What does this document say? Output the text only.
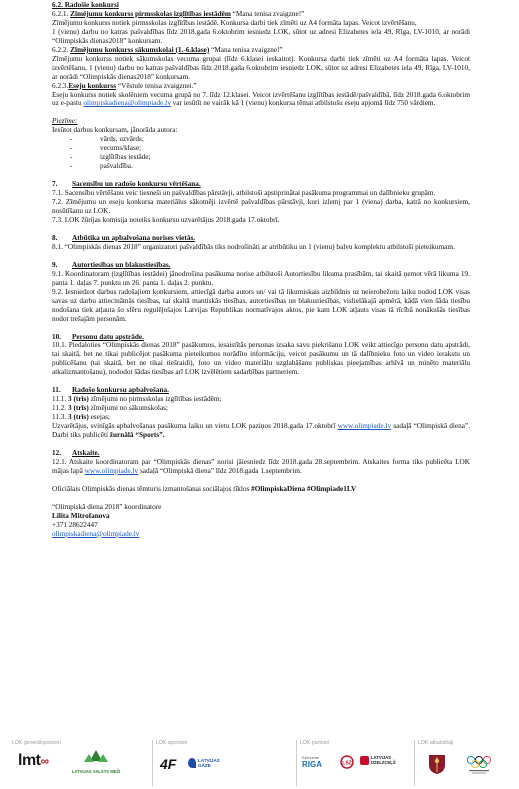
6.2. Radošie konkursi

6.2.1. Zīmējumu konkurss pirmsskolas izglītības iestādēm “Mana tenisa zvaigzne!”

Zīmējumu konkurss notiek pirmsskolas izglītības iestādē. Konkursa darbi tiek zīmēti uz A4 formāta lapas. Veicot izvērtēšanu,

1 (vienu) darbu no katras pašvaldības līdz 2018.gada 6.oktobrim iesniedz LOK, sūtot uz adresi Elizabetes iela 49, Rīga, LV-1010, ar norādi “Olimpiskās dienas2018” konkursam.

6.2.2. Zīmējumu konkurss sākumskolai (1.-6.klase) “Mana tenisa zvaigzne!”

Zīmējumu konkurss notiek sākumskolas vecuma grupai (līdz 6.klasei ieskaitot). Konkursa darbi tiek zīmēti uz A4 formāta lapas. Veicot izvērtēšanu, 1 (vienu) darbu no katras pašvaldības līdz 2018.gada 6.oktobrim iesniedz LOK, sūtot uz adresi Elizabetes iela 49, Rīga, LV-1010, ar norādi “Olimpiskās dienas2018” konkursam.

6.2.3.Eseju konkurss “Vēstule tenisa zvaigznei.”

Eseju konkurss notiek skolēniem vecuma grupā no 7. līdz 12.klasei. Veicot izvērtēšanu izglītības iestādē/pašvaldībā, līdz 2018.gada 6.oktobrim uz e-pastu olimpiskadiena@olimpiade.lv var iesūtīt ne vairāk kā 1 (vienu) konkursa tēmai atbilstošu eseju apjomā līdz 750 vārdiem.

Piezīme:

Iesūtot darbus konkursam, jānorāda autora:

- vārds, uzvārds;
- vecums/klase;
- izglītības iestāde;
- pašvaldība.

7. Sacensību un radošo konkursu vērtēšana.

7.1. Sacensību vērtēšanu veic tiesneši un pašvaldības pārstāvji, atbilstoši apstiprinātai pasākuma programmai un dalībnieku grupām.

7.2. Zīmējumu un eseju konkursa materiālus sākotnēji izvērtē pašvaldības pārstāvji, kuri izlemj par 1 (viena) darba, katrā no konkursiem, nosūtīšanu uz LOK.

7.3. LOK žūrijas komisija noteiks konkursu uzvarētājus 2018.gada 17.oktobrī.

8. Atbūtika un apbalvošana norises vietās.

8.1. “Olimpiskās dienas 2018” organizatori pašvaldībās tiks nodrošināti ar atribūtiku un 1 (vienu) balvu komplektu atbilstoši pieteikumam.

9. Autortiesības un blakustiesības.

9.1. Koordinatoram (izglītības iestādei) jānodrošina pasākuma norise atbilstoši Autortiesību likuma prasībām, tai skaitā ņemot vērā likuma 19. panta 1. daļas 7. punktu un 26. panta 1. daļas 2. punktu.

9.2. Iesniedzot darbus radošajiem konkursiem, attiecīgā darba autors un/ vai tā likumiskais aizbildnis uz neierobežotu laiku nodod LOK visas savas uz darbu attiecināmās tiesības, tai skaitā mantiskās tiesības, autortiesības un blakustiesības, vislielākajā apmērā, kādā vien šāda tiesību nodošana tiek atļauta šo sfēru regulējošajos Latvijas Republikas normatīvajos aktos, pie kam LOK atļauts visas tā rīcībā nonākušās tiesības nodot trešajām personām.

10. Personu datu apstrāde.

10.1. Piedaloties “Olimpiskās dienas 2018” pasākumos, iesaistītās personas izsaka savu piekrišanu LOK veikt attiecīgo personu datu apstrādi, tai skaitā, bet ne tikai publicējot pasākuma pieteikumos norādīto informāciju, veicot pasākumu un tā dalībnieku foto un video ierakstu un publicēšanu (tai skaitā, bet ne tikai tiešraidi), foto un video materiālu uzglabāšanu publiskas pieejamības arhīvā un minēto materiālu atkalizmantošanu), nododot šādas tiesības arī LOK izvēlētiem sadarbības partneriem.

11. Radošo konkursu apbalvošana.

11.1. 3 (trīs) zīmējumi no pirmsskolas izglītības iestādēm;

11.2. 3 (trīs) zīmējumi no sākumskolas;

11.3. 3 (trīs) esejas;

Uzvarētājus, svinīgās apbalvošanas pasākuma laiku un vietu LOK paziņos 2018.gada 17.oktobrī www.olimpiade.lv sadaļā “Olimpiskā diena”. Darbi tiks publicēti žurnālā “Sports”.

12. Atskaite.

12.1. Atskaite koordinatoram par “Olimpiskās dienas” norisi jāiesniedz līdz 2018.gada 28.septembrim. Atskaites forma tiks publicēta LOK mājas lapā www.olimpiade.lv sadaļā “Olimpiskā diena” līdz 2018.gada 1.septembrim.

Oficiālais Olimpiskās dienas tēmturis izmantošanai sociālajos tīklos #OlimpiskaDiena #Olimpiade1LV

“Olimpiskā diena 2018” koordinatore

Lilita Mitrofanova

+371 28622447

olimpiskadiena@olimpiade.lv

LOK ģenerālsponsori
lmt∞
LATVIJAS VALSTS MEŽI
LOK sponsori
4F	LATVIJAS GĀZE
LOK partneri
Ezerzeme
RIGA	LSZ
LATVIJAS DZELZCEĻŠ
LOK atbalstītāji
